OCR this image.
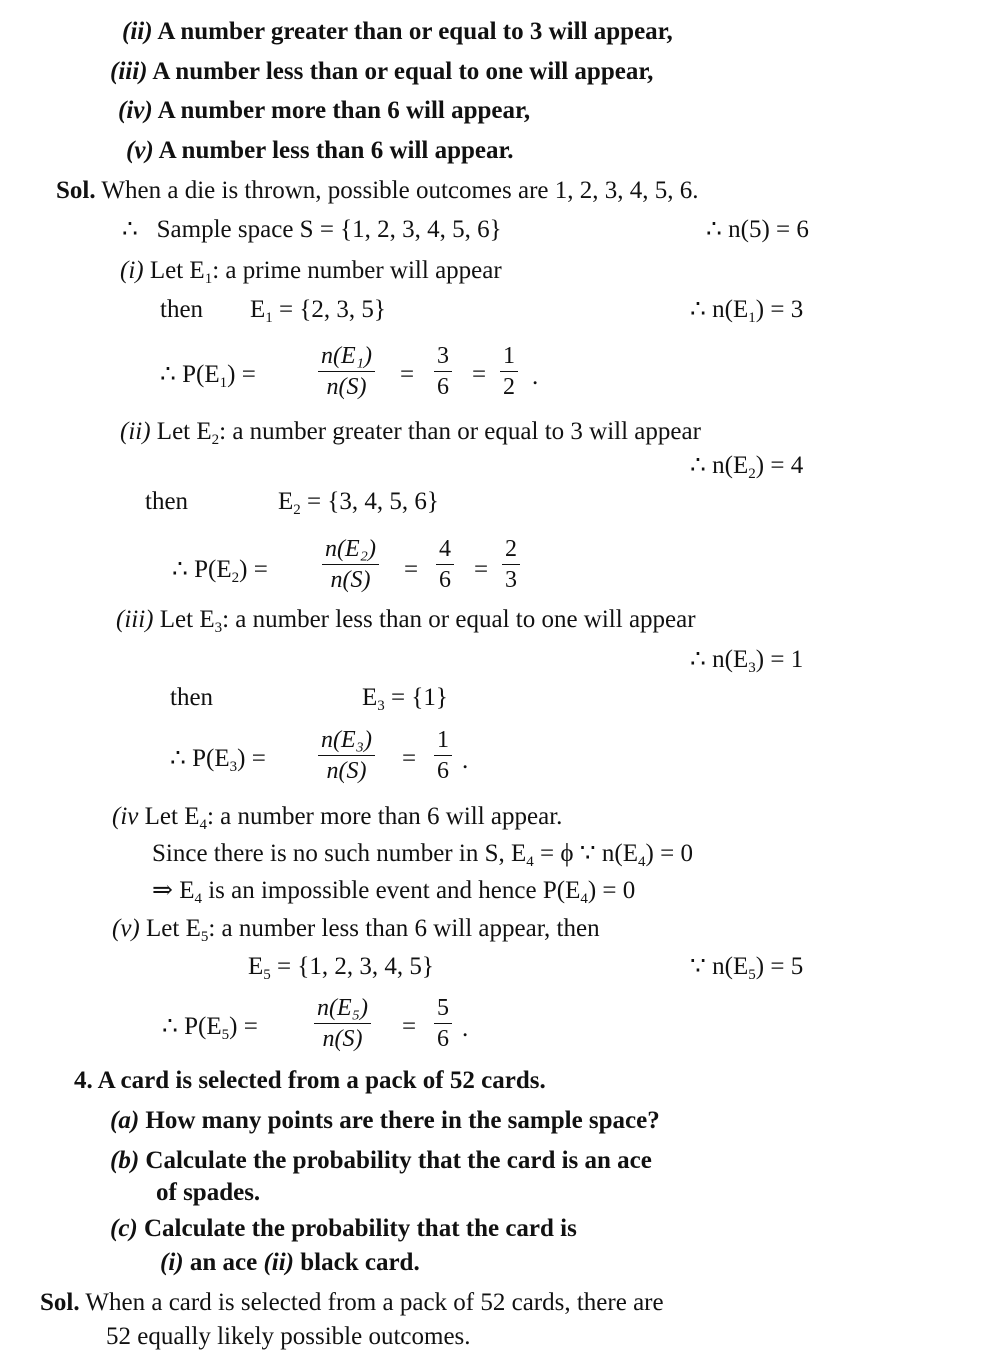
(ii) A number greater than or equal to 3 will appear,
(iii) A number less than or equal to one will appear,
(iv) A number more than 6 will appear,
(v) A number less than 6 will appear.
Sol. When a die is thrown, possible outcomes are 1, 2, 3, 4, 5, 6.
∴ Sample space S = {1, 2, 3, 4, 5, 6}	∴ n(5) = 6
(i) Let $E_1$: a prime number will appear
then $E_1 = \{2$, 3, 5}	∴ $n(E_1) = 3$
∴ $P(E_1)$ =	$\frac{\text{n(E₁)}}{n(S)} = \frac{3}{6} = \frac{1}{2}$ .
(ii) Let $E_2$: a number greater than or equal to 3 will appear
∴ $n(E_2) = 4$
then	$E_2 = \{3$, 4, 5, 6}
∴ $P(E_2) = \frac{\text{n(E₂)}}{n(S)} = \frac{4}{6} = \frac{2}{3}$
(iii) Let $E_3$: a number less than or equal to one will appear
∴ $n(E_3) = 1$
then	$E_3 = \{1\}$
∴ $P(E_3) = \frac{\text{n(E₃)}}{n(S)} = \frac{1}{6}$ .
(iv Let $E_4$: a number more than 6 will appear.
Since there is no such number in S, $E_4 = \phi$ ∵ $n(E_4) = 0$
⇒ $E_4$ is an impossible event and hence $P(E_4) = 0$
(v) Let $E_5$: a number less than 6 will appear, then
$E_5 = \{1$, 2, 3, 4, 5}	∵ $n(E_5) = 5$
∴ $P(E_5) = \frac{\text{n(E₅)}}{n(S)} = \frac{5}{6}$ .
4. A card is selected from a pack of 52 cards.
(a) How many points are there in the sample space?
(b) Calculate the probability that the card is an ace
of spades.
(c) Calculate the probability that the card is
(i) an ace (ii) black card.
Sol. When a card is selected from a pack of 52 cards, there are
52 equally likely possible outcomes.
